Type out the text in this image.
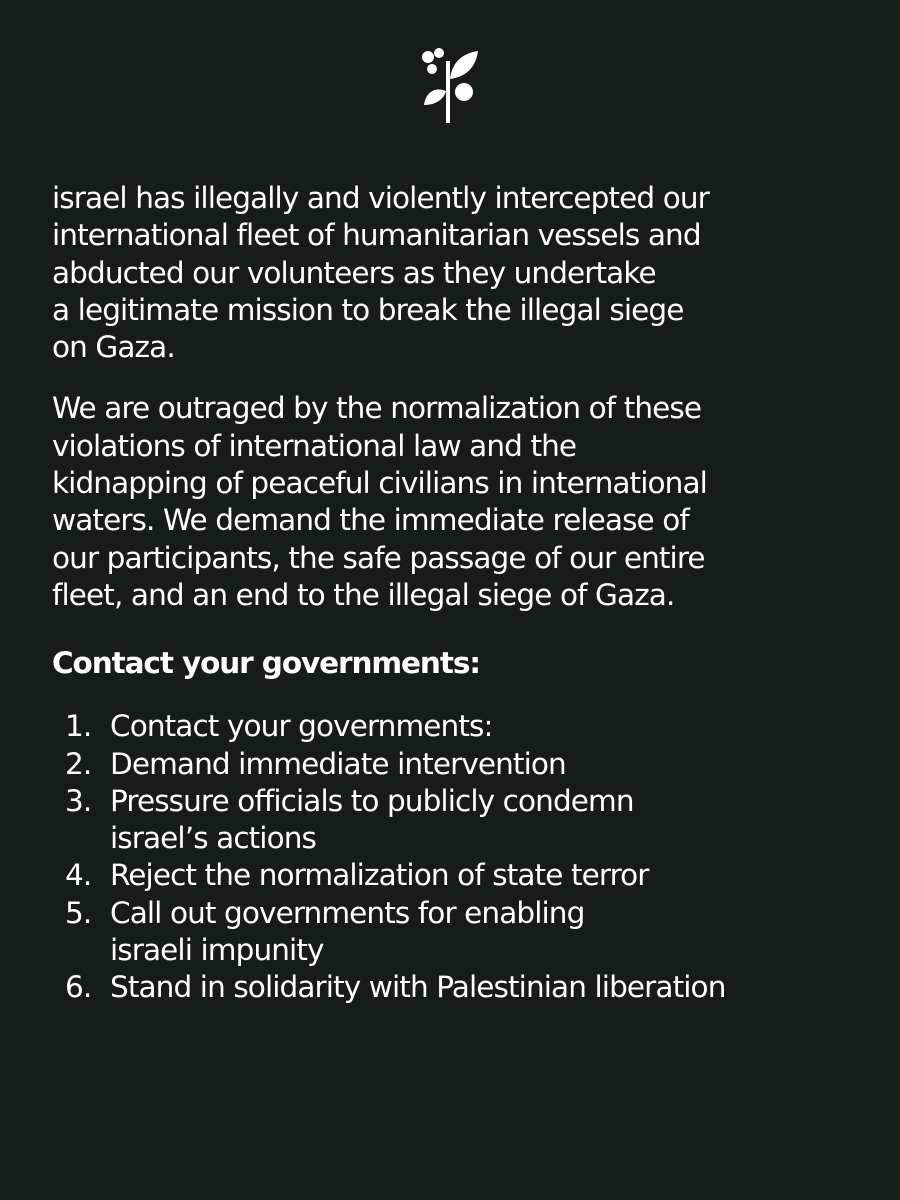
israel has illegally and violently intercepted our
international fleet of humanitarian vessels and
abducted our volunteers as they undertake
a legitimate mission to break the illegal siege
on Gaza.

We are outraged by the normalization of these
violations of international law and the
kidnapping of peaceful civilians in international
waters. We demand the immediate release of
our participants, the safe passage of our entire
fleet, and an end to the illegal siege of Gaza.

Contact your governments:
1. Contact your governments:
2. Demand immediate intervention
3. Pressure officials to publicly condemn
israel’s actions
4. Reject the normalization of state terror
5. Call out governments for enabling
israeli impunity
6. Stand in solidarity with Palestinian liberation
